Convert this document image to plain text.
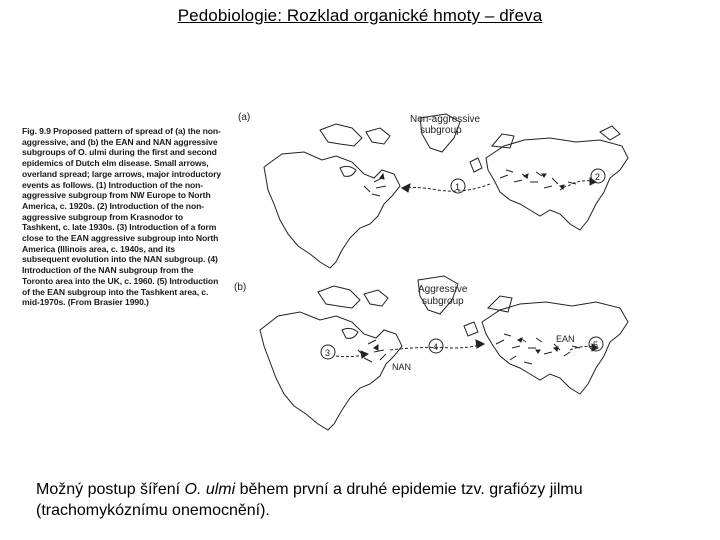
Pedobiologie: Rozklad organické hmoty – dřeva
Fig. 9.9 Proposed pattern of spread of (a) the non-aggressive, and (b) the EAN and NAN aggressive subgroups of O. ulmi during the first and second epidemics of Dutch elm disease. Small arrows, overland spread; large arrows, major introductory events as follows. (1) Introduction of the non-aggressive subgroup from NW Europe to North America, c. 1920s. (2) Introduction of the non-aggressive subgroup from Krasnodor to Tashkent, c. late 1930s. (3) Introduction of a form close to the EAN aggressive subgroup into North America (Illinois area, c. 1940s, and its subsequent evolution into the NAN subgroup. (4) Introduction of the NAN subgroup from the Toronto area into the UK, c. 1960. (5) Introduction of the EAN subgroup into the Tashkent area, c. mid-1970s. (From Brasier 1990.)
(a)	Non-aggressive
subgroup
1
2
(b)	Aggressive
subgroup
3
4	5
EAN
NAN
Možný postup šíření O. ulmi během první a druhé epidemie tzv. grafiózy jilmu (trachomykóznímu onemocnění).
